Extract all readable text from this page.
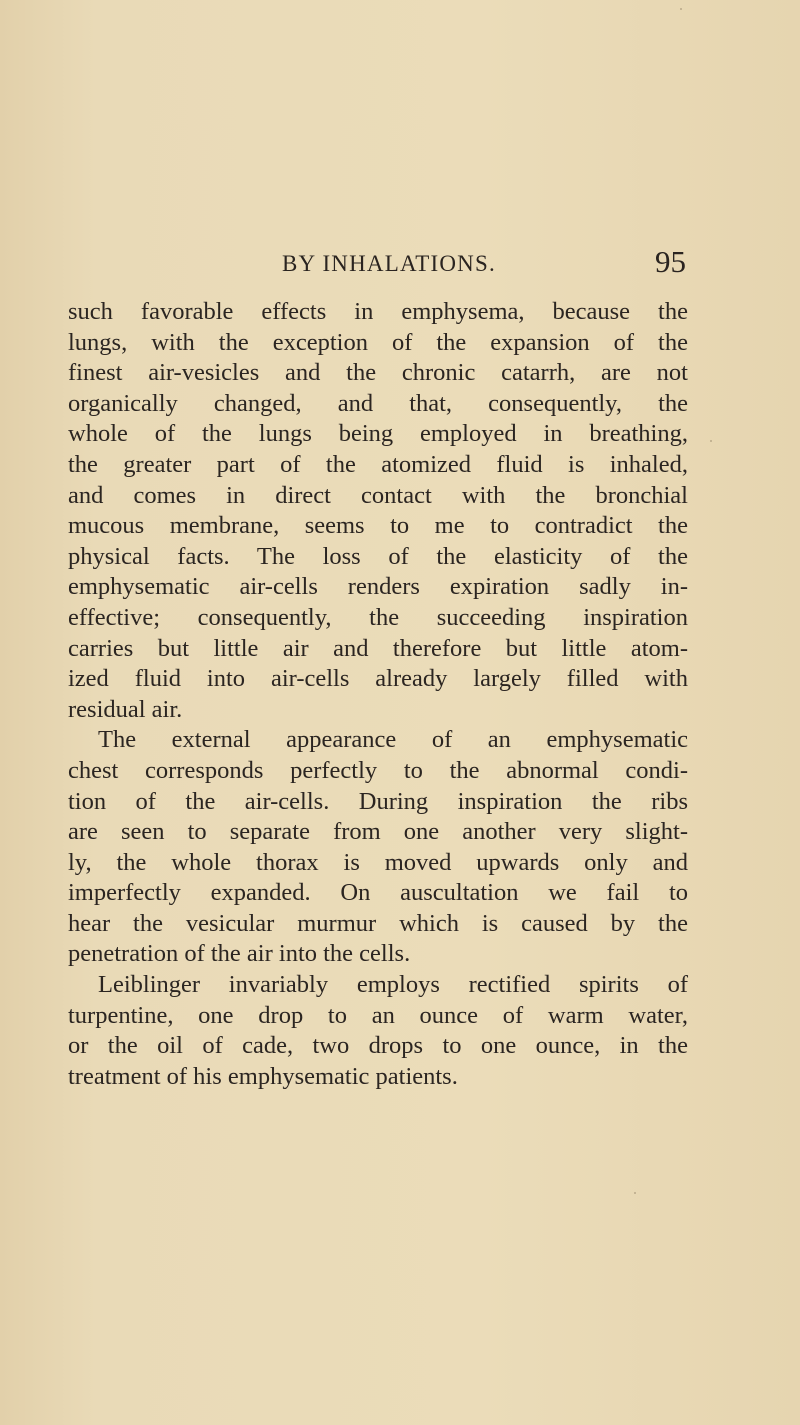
BY INHALATIONS.	95
such favorable effects in emphysema, because the
lungs, with the exception of the expansion of the
finest air-vesicles and the chronic catarrh, are not
organically changed, and that, consequently, the
whole of the lungs being employed in breathing,
the greater part of the atomized fluid is inhaled,
and comes in direct contact with the bronchial
mucous membrane, seems to me to contradict the
physical facts. The loss of the elasticity of the
emphysematic air-cells renders expiration sadly in-
effective; consequently, the succeeding inspiration
carries but little air and therefore but little atom-
ized fluid into air-cells already largely filled with
residual air.
The external appearance of an emphysematic
chest corresponds perfectly to the abnormal condi-
tion of the air-cells. During inspiration the ribs
are seen to separate from one another very slight-
ly, the whole thorax is moved upwards only and
imperfectly expanded. On auscultation we fail to
hear the vesicular murmur which is caused by the
penetration of the air into the cells.
Leiblinger invariably employs rectified spirits of
turpentine, one drop to an ounce of warm water,
or the oil of cade, two drops to one ounce, in the
treatment of his emphysematic patients.
